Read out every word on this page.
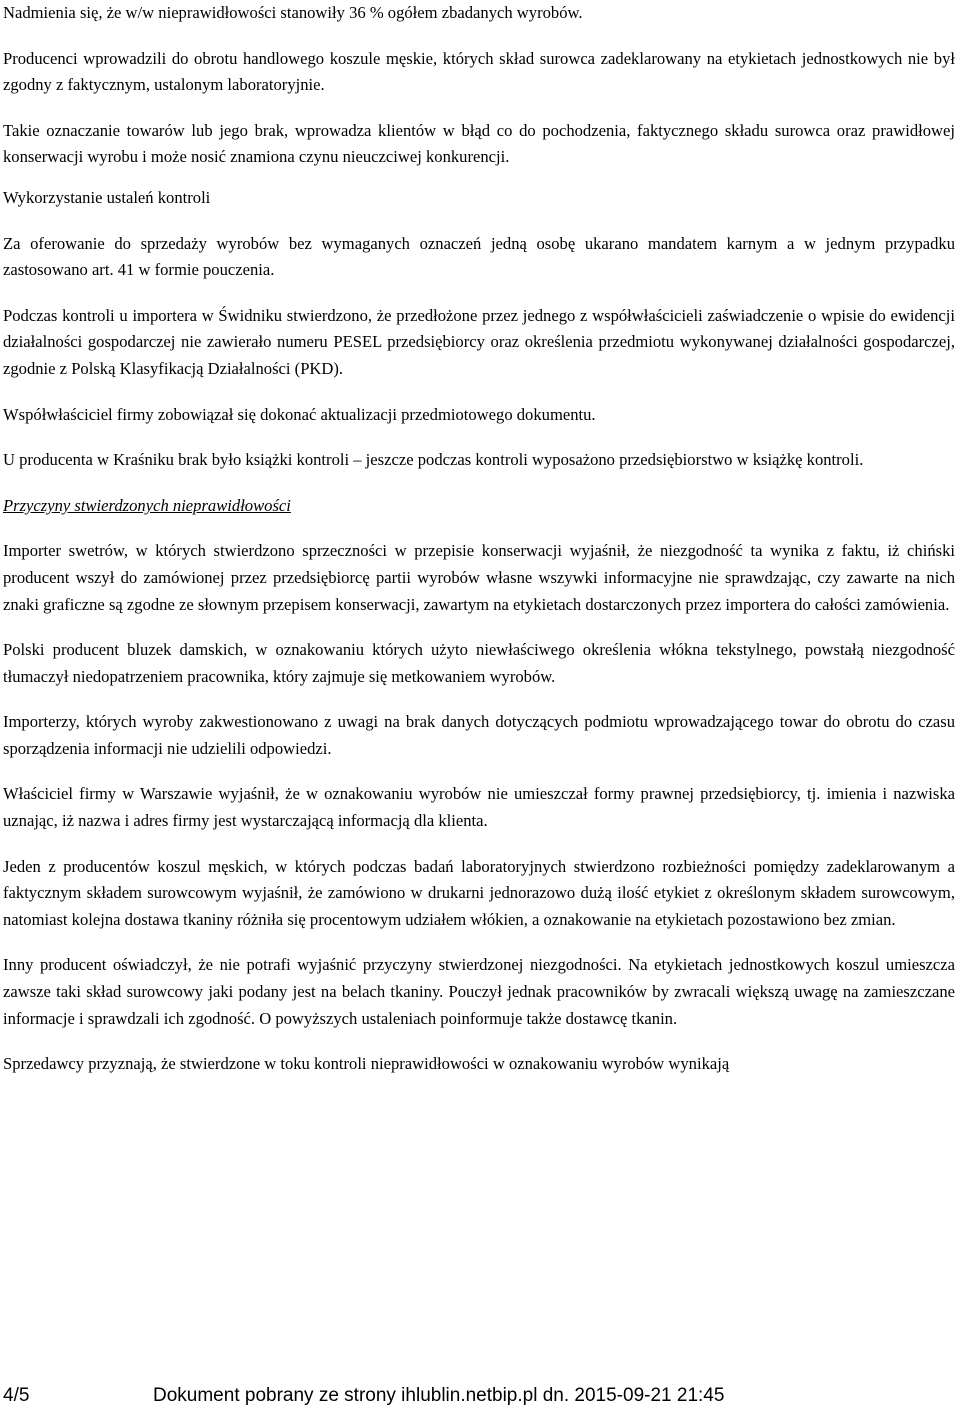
Nadmienia się, że w/w nieprawidłowości stanowiły 36 % ogółem zbadanych wyrobów.

Producenci wprowadzili do obrotu handlowego koszule męskie, których skład surowca zadeklarowany na etykietach jednostkowych nie był zgodny z faktycznym, ustalonym laboratoryjnie.

Takie oznaczanie towarów lub jego brak, wprowadza klientów w błąd co do pochodzenia, faktycznego składu surowca oraz prawidłowej konserwacji wyrobu i może nosić znamiona czynu nieuczciwej konkurencji.

Wykorzystanie ustaleń kontroli

Za oferowanie do sprzedaży wyrobów bez wymaganych oznaczeń jedną osobę ukarano mandatem karnym a w jednym przypadku zastosowano art. 41 w formie pouczenia.

Podczas kontroli u importera w Świdniku stwierdzono, że przedłożone przez jednego z współwłaścicieli zaświadczenie o wpisie do ewidencji działalności gospodarczej nie zawierało numeru PESEL przedsiębiorcy oraz określenia przedmiotu wykonywanej działalności gospodarczej, zgodnie z Polską Klasyfikacją Działalności (PKD).

Współwłaściciel firmy zobowiązał się dokonać aktualizacji przedmiotowego dokumentu.

U producenta w Kraśniku brak było książki kontroli – jeszcze podczas kontroli wyposażono przedsiębiorstwo w książkę kontroli.

Przyczyny stwierdzonych nieprawidłowości

Importer swetrów, w których stwierdzono sprzeczności w przepisie konserwacji wyjaśnił, że niezgodność ta wynika z faktu, iż chiński producent wszył do zamówionej przez przedsiębiorcę partii wyrobów własne wszywki informacyjne nie sprawdzając, czy zawarte na nich znaki graficzne są zgodne ze słownym przepisem konserwacji, zawartym na etykietach dostarczonych przez importera do całości zamówienia.

Polski producent bluzek damskich, w oznakowaniu których użyto niewłaściwego określenia włókna tekstylnego, powstałą niezgodność tłumaczył niedopatrzeniem pracownika, który zajmuje się metkowaniem wyrobów.

Importerzy, których wyroby zakwestionowano z uwagi na brak danych dotyczących podmiotu wprowadzającego towar do obrotu do czasu sporządzenia informacji nie udzielili odpowiedzi.

Właściciel firmy w Warszawie wyjaśnił, że w oznakowaniu wyrobów nie umieszczał formy prawnej przedsiębiorcy, tj. imienia i nazwiska uznając, iż nazwa i adres firmy jest wystarczającą informacją dla klienta.

Jeden z producentów koszul męskich, w których podczas badań laboratoryjnych stwierdzono rozbieżności pomiędzy zadeklarowanym a faktycznym składem surowcowym wyjaśnił, że zamówiono w drukarni jednorazowo dużą ilość etykiet z określonym składem surowcowym, natomiast kolejna dostawa tkaniny różniła się procentowym udziałem włókien, a oznakowanie na etykietach pozostawiono bez zmian.

Inny producent oświadczył, że nie potrafi wyjaśnić przyczyny stwierdzonej niezgodności. Na etykietach jednostkowych koszul umieszcza zawsze taki skład surowcowy jaki podany jest na belach tkaniny. Pouczył jednak pracowników by zwracali większą uwagę na zamieszczane informacje i sprawdzali ich zgodność. O powyższych ustaleniach poinformuje także dostawcę tkanin.

Sprzedawcy przyznają, że stwierdzone w toku kontroli nieprawidłowości w oznakowaniu wyrobów wynikają

4/5	Dokument pobrany ze strony ihlublin.netbip.pl dn. 2015-09-21 21:45
